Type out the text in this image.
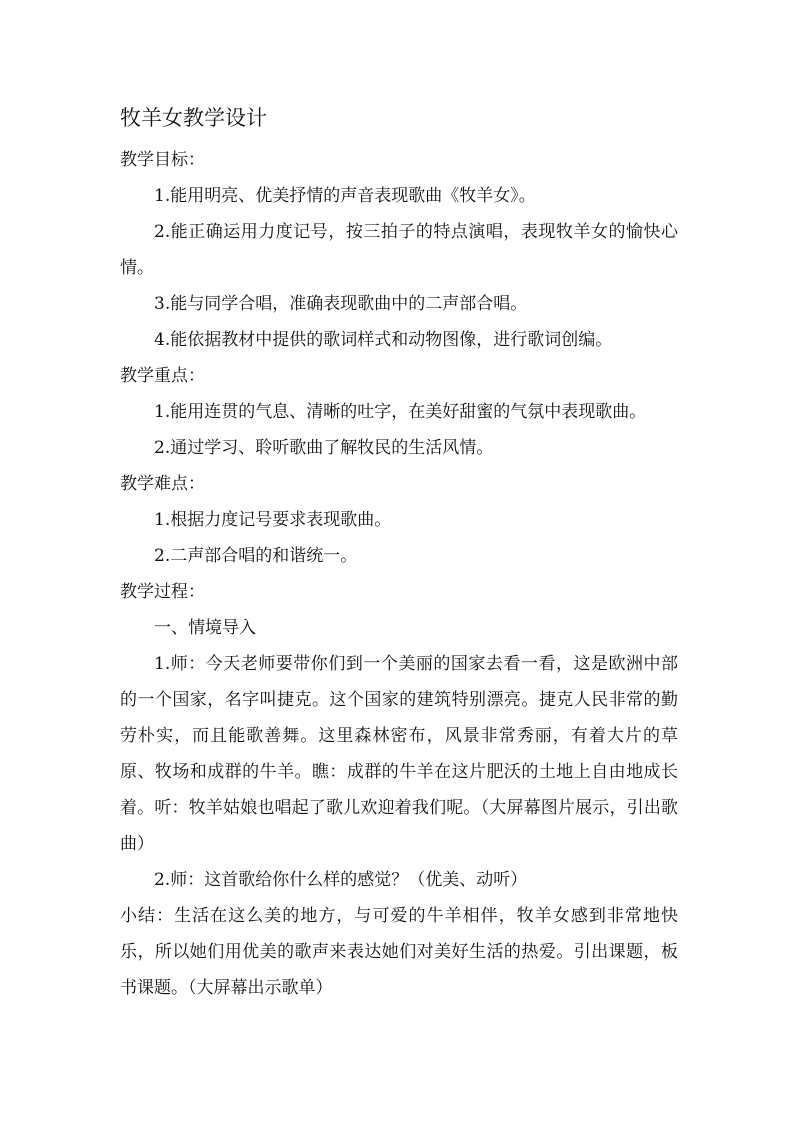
牧羊女教学设计

教学目标：

1.能用明亮、优美抒情的声音表现歌曲《牧羊女》。

2.能正确运用力度记号，按三拍子的特点演唱，表现牧羊女的愉快心情。

3.能与同学合唱，准确表现歌曲中的二声部合唱。

4.能依据教材中提供的歌词样式和动物图像，进行歌词创编。

教学重点：

1.能用连贯的气息、清晰的吐字，在美好甜蜜的气氛中表现歌曲。

2.通过学习、聆听歌曲了解牧民的生活风情。

教学难点：

1.根据力度记号要求表现歌曲。

2.二声部合唱的和谐统一。

教学过程：

一、情境导入

1.师：今天老师要带你们到一个美丽的国家去看一看，这是欧洲中部的一个国家，名字叫捷克。这个国家的建筑特别漂亮。捷克人民非常的勤劳朴实，而且能歌善舞。这里森林密布，风景非常秀丽，有着大片的草原、牧场和成群的牛羊。瞧：成群的牛羊在这片肥沃的土地上自由地成长着。听：牧羊姑娘也唱起了歌儿欢迎着我们呢。（大屏幕图片展示，引出歌曲）

2.师：这首歌给你什么样的感觉？（优美、动听）

小结：生活在这么美的地方，与可爱的牛羊相伴，牧羊女感到非常地快乐，所以她们用优美的歌声来表达她们对美好生活的热爱。引出课题，板书课题。（大屏幕出示歌单）
